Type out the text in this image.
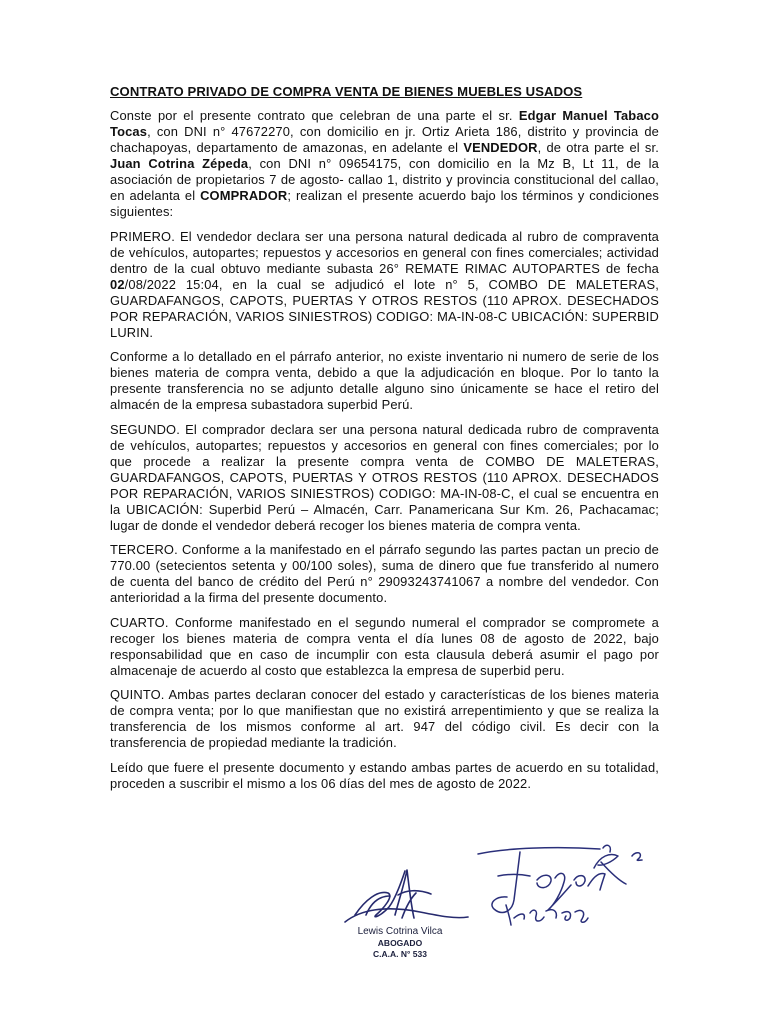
CONTRATO PRIVADO DE COMPRA VENTA DE BIENES MUEBLES USADOS

Conste por el presente contrato que celebran de una parte el sr. Edgar Manuel Tabaco Tocas, con DNI n° 47672270, con domicilio en jr. Ortiz Arieta 186, distrito y provincia de chachapoyas, departamento de amazonas, en adelante el VENDEDOR, de otra parte el sr. Juan Cotrina Zépeda, con DNI n° 09654175, con domicilio en la Mz B, Lt 11, de la asociación de propietarios 7 de agosto- callao 1, distrito y provincia constitucional del callao, en adelanta el COMPRADOR; realizan el presente acuerdo bajo los términos y condiciones siguientes:

PRIMERO. El vendedor declara ser una persona natural dedicada al rubro de compraventa de vehículos, autopartes; repuestos y accesorios en general con fines comerciales; actividad dentro de la cual obtuvo mediante subasta 26° REMATE RIMAC AUTOPARTES de fecha 02/08/2022 15:04, en la cual se adjudicó el lote n° 5, COMBO DE MALETERAS, GUARDAFANGOS, CAPOTS, PUERTAS Y OTROS RESTOS (110 APROX. DESECHADOS POR REPARACIÓN, VARIOS SINIESTROS) CODIGO: MA-IN-08-C UBICACIÓN: SUPERBID LURIN.

Conforme a lo detallado en el párrafo anterior, no existe inventario ni numero de serie de los bienes materia de compra venta, debido a que la adjudicación en bloque. Por lo tanto la presente transferencia no se adjunto detalle alguno sino únicamente se hace el retiro del almacén de la empresa subastadora superbid Perú.

SEGUNDO. El comprador declara ser una persona natural dedicada rubro de compraventa de vehículos, autopartes; repuestos y accesorios en general con fines comerciales; por lo que procede a realizar la presente compra venta de COMBO DE MALETERAS, GUARDAFANGOS, CAPOTS, PUERTAS Y OTROS RESTOS (110 APROX. DESECHADOS POR REPARACIÓN, VARIOS SINIESTROS) CODIGO: MA-IN-08-C, el cual se encuentra en la UBICACIÓN: Superbid Perú – Almacén, Carr. Panamericana Sur Km. 26, Pachacamac; lugar de donde el vendedor deberá recoger los bienes materia de compra venta.

TERCERO. Conforme a la manifestado en el párrafo segundo las partes pactan un precio de 770.00 (setecientos setenta y 00/100 soles), suma de dinero que fue transferido al numero de cuenta del banco de crédito del Perú n° 29093243741067 a nombre del vendedor. Con anterioridad a la firma del presente documento.

CUARTO. Conforme manifestado en el segundo numeral el comprador se compromete a recoger los bienes materia de compra venta el día lunes 08 de agosto de 2022, bajo responsabilidad que en caso de incumplir con esta clausula deberá asumir el pago por almacenaje de acuerdo al costo que establezca la empresa de superbid peru.

QUINTO. Ambas partes declaran conocer del estado y características de los bienes materia de compra venta; por lo que manifiestan que no existirá arrepentimiento y que se realiza la transferencia de los mismos conforme al art. 947 del código civil. Es decir con la transferencia de propiedad mediante la tradición.

Leído que fuere el presente documento y estando ambas partes de acuerdo en su totalidad, proceden a suscribir el mismo a los 06 días del mes de agosto de 2022.

Lewis Cotrina Vilca
ABOGADO
C.A.A. N° 533
